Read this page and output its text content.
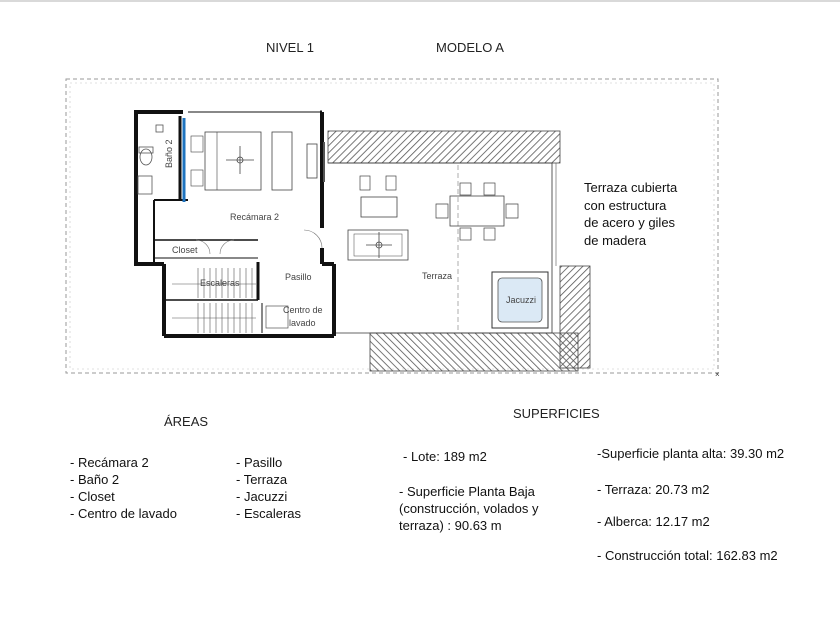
NIVEL 1	MODELO A
×
Recámara 2
Baño 2
Closet
Escaleras
Pasillo
Centro de
lavado
Terraza
Jacuzzi
Terraza cubierta
con estructura
de acero y giles
de madera
ÁREAS
- Recámara 2
- Baño 2
- Closet
- Centro de lavado
- Pasillo
- Terraza
- Jacuzzi
- Escaleras
SUPERFICIES
- Lote: 189 m2
- Superficie Planta Baja
(construcción, volados y
terraza) : 90.63 m
-Superficie planta alta: 39.30 m2
- Terraza: 20.73 m2
- Alberca: 12.17 m2
- Construcción total: 162.83 m2
